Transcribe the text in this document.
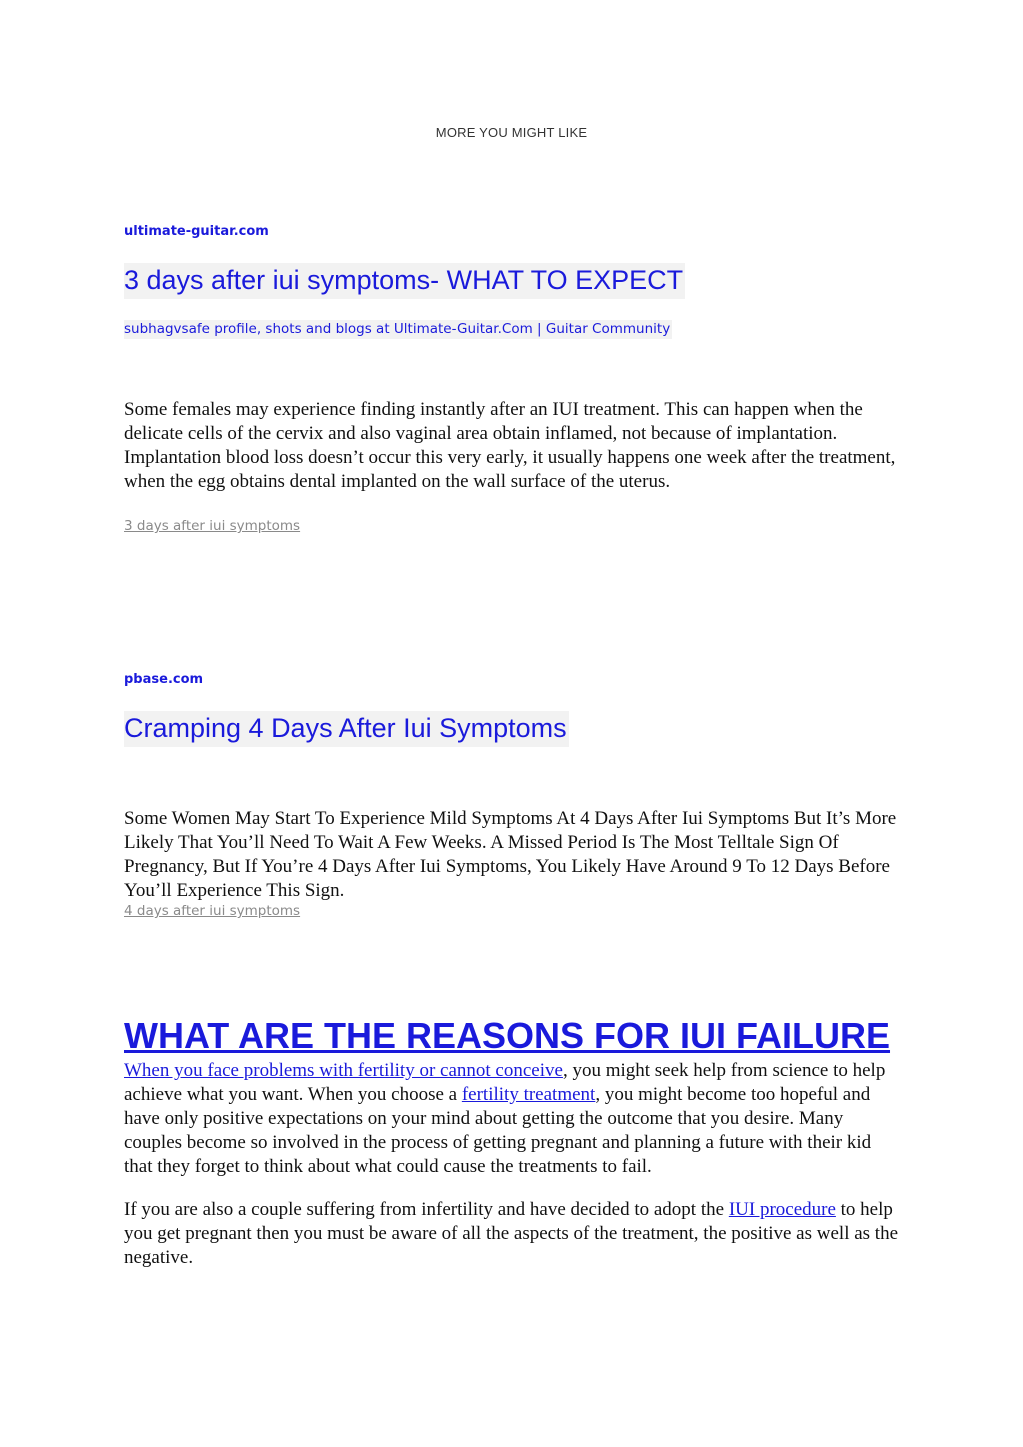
MORE YOU MIGHT LIKE
ultimate-guitar.com
3 days after iui symptoms- WHAT TO EXPECT
subhagvsafe profile, shots and blogs at Ultimate-Guitar.Com | Guitar Community

Some females may experience finding instantly after an IUI treatment. This can happen when the delicate cells of the cervix and also vaginal area obtain inflamed, not because of implantation. Implantation blood loss doesn’t occur this very early, it usually happens one week after the treatment, when the egg obtains dental implanted on the wall surface of the uterus.

3 days after iui symptoms
pbase.com
Cramping 4 Days After Iui Symptoms

Some Women May Start To Experience Mild Symptoms At 4 Days After Iui Symptoms But It’s More Likely That You’ll Need To Wait A Few Weeks. A Missed Period Is The Most Telltale Sign Of Pregnancy, But If You’re 4 Days After Iui Symptoms, You Likely Have Around 9 To 12 Days Before You’ll Experience This Sign.

4 days after iui symptoms
WHAT ARE THE REASONS FOR IUI FAILURE

When you face problems with fertility or cannot conceive, you might seek help from science to help achieve what you want. When you choose a fertility treatment, you might become too hopeful and have only positive expectations on your mind about getting the outcome that you desire. Many couples become so involved in the process of getting pregnant and planning a future with their kid that they forget to think about what could cause the treatments to fail.

If you are also a couple suffering from infertility and have decided to adopt the IUI procedure to help you get pregnant then you must be aware of all the aspects of the treatment, the positive as well as the negative.
